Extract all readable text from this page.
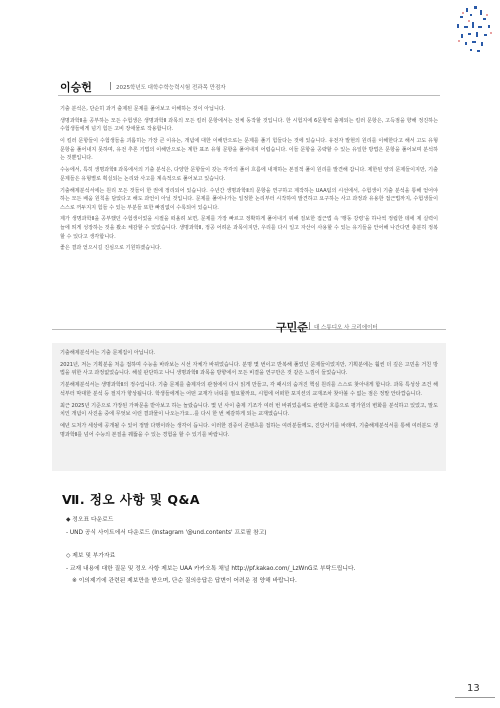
이승헌	2025학년도 대학수학능력시험 전과목 만점자

기출 분석은, 단순히 과거 출제된 문제를 풀어보고 이해하는 것이 아닙니다.

생명과학Ⅱ을 공부하는 모든 수험생은 생명과학Ⅱ 과목의 모든 킬러 문항에서는 전체 동작할 것입니다. 한 시험지에 6문항씩 출제되는 킬러 문항은, 고득점을 향해 정진하는 수험생들에게 넘기 힘든 고비 장애물로 작용합니다.

이 킬러 문항들이 수험생들을 괴롭히는 가장 큰 이유는, 개념에 대한 이해만으로는 문제를 풀기 힘들다는 것에 있습니다. 유전자 발현의 원리를 이해한다고 해서 고도 유형 문항을 풀어내지 못하며, 유전 추론 기법의 이해만으로는 계한 표조 유형 문항을 풀어내지 어렵습니다. 이들 문항을 공략할 수 있는 유일한 방법은 문항을 풀어보며 분석하는 것뿐입니다.

수능에서, 특히 생명과학Ⅱ 과목에서의 기출 분석은, 다양한 문항들이 갖는 각각의 풀이 흐름에 내재하는 본질적 풀이 원리를 발견해 갑니다. 제한된 양의 문제들이지만, 기출 문제들은 유형별로 획실되는 논리와 사고를 계속적으로 풀어보고 있습니다.

기출해제분석서에는 원리 모든 것들이 한 권에 정리되어 있습니다. 수년간 생명과학Ⅱ의 문항을 연구하고 제작하는 UAA팀의 시선에서, 수험생이 기출 분석을 통해 얻어야 하는 모든 배움 원칙을 담았다고 해도 과언이 아닐 것입니다. 문제를 풀어나가는 일정한 논리부터 시작하여 발견하고 요구하는 사고 과정과 유용한 접근법까지, 수험생들이 스스로 꺼두지지 힘들 수 있는 부분들 또한 빠짐없이 수록되어 있습니다.

제가 생명과학Ⅱ을 공부했던 수험생이었을 시절을 떠올려 보면, 문제를 가장 빠르고 정확하게 풀어내기 위해 질보한 접근법 속 '행동 강령'을 하나씩 정립한 데에 제 실력이 늘에 띄게 성장하는 것을 봤소 체감할 수 있었습니다. 생명과학Ⅱ, 정공 어려운 과목이지만, 우리를 다시 일고 자산이 사용할 수 있는 유기들을 안어해 나간다면 충분히 정복할 수 있다고 생각합니다.

좋은 결과 얻으시길 진심으로 기원하겠습니다.

구민준 대 스튜디오 사 크리에이터

기출해제분석서는 기출 문제집이 아닙니다.

2021년, 저는 기획분을 처음 접하며 수능을 바라보는 시선 자체가 바뀌었습니다. 분명 몇 번이고 반복해 풀었던 문제들이었지만, 기획분에는 훨씬 더 깊은 고민을 거친 방법을 위한 사고 과정없었습니다. 해설 판단하고 나니 생명과학Ⅱ 과목을 방향에서 모든 비결을 연구만은 것 같은 느낌이 들었습니다.

기분해제분석서는 생명과학Ⅱ의 정수입니다. 기출 문제를 출제자의 관점에서 다시 읽게 만들고, 각 패시의 숨겨진 핵심 원리를 스스로 찾아내게 합니다. 과목 특성상 조건 해석부터 막대한 분석 등 절지가 향상됩니다. 학생들에게는 어떤 교재가 너티를 필요할까요, 시험에 어떠한 포지션의 교재조차 찾아볼 수 없는 점은 정말 안타깝습니다.

최근 2025년 기준으로 가장된 가짜문을 받아보고 하는 놀랐습니다. 몇 년 사이 출제 기조가 여러 번 바뀌었음에도 완벽한 흐름으로 평가원의 변화를 분석하고 있었고, 말도치인 개념이 사진을 중에 무엇보 이런 결과물이 나오는가요...를 다시 한 번 체감하게 되는 교재였습니다.

예년 도처가 세상에 공개될 수 있어 정말 다행이라는 생각이 듭니다. 이러한 검증이 콘텐츠를 접하는 여러분들께도, 진당서기를 바래며, 기출해제분석서를 통해 여러분도 생명과학Ⅱ를 넘어 수능의 본질을 꿰뚫을 수 있는 경험을 할 수 있기를 바랍니다.

Ⅶ. 정오 사항 및 Q&A
◆ 정오표 다운로드
- UND 공식 사이트에서 다운로드 (Instagram '@und.contents' 프로필 참고)
◇ 제보 및 부가자료
- 교재 내용에 대한 질문 및 정오 사항 제보는 UAA 카카오톡 채널 http://pf.kakao.com/_LzWnG로 부탁드립니다.
※ 이의제기에 관련된 제보만을 받으며, 단순 질의응답은 답변이 어려운 점 양해 바랍니다.
13
